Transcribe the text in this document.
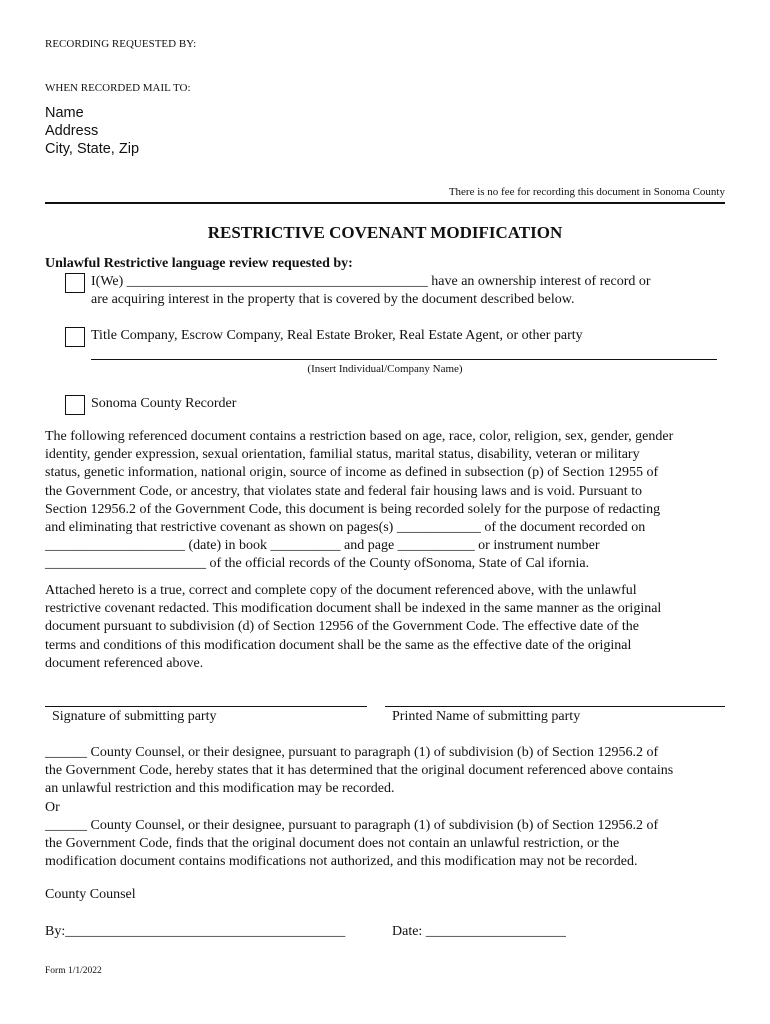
RECORDING REQUESTED BY:
WHEN RECORDED MAIL TO:
Name
Address
City, State, Zip
There is no fee for recording this document in Sonoma County
RESTRICTIVE COVENANT MODIFICATION
Unlawful Restrictive language review requested by:
I(We) ___________________________________________ have an ownership interest of record or
are acquiring interest in the property that is covered by the document described below.
Title Company, Escrow Company, Real Estate Broker, Real Estate Agent, or other party
(Insert Individual/Company Name)
Sonoma County Recorder
The following referenced document contains a restriction based on age, race, color, religion, sex, gender, gender
identity, gender expression, sexual orientation, familial status, marital status, disability, veteran or military
status, genetic information, national origin, source of income as defined in subsection (p) of Section 12955 of
the Government Code, or ancestry, that violates state and federal fair housing laws and is void. Pursuant to
Section 12956.2 of the Government Code, this document is being recorded solely for the purpose of redacting
and eliminating that restrictive covenant as shown on pages(s) ____________ of the document recorded on
____________________ (date) in book __________ and page ___________ or instrument number
_______________________ of the official records of the County ofSonoma, State of Cal ifornia.
Attached hereto is a true, correct and complete copy of the document referenced above, with the unlawful
restrictive covenant redacted. This modification document shall be indexed in the same manner as the original
document pursuant to subdivision (d) of Section 12956 of the Government Code. The effective date of the
terms and conditions of this modification document shall be the same as the effective date of the original
document referenced above.
Signature of submitting party	Printed Name of submitting party
______ County Counsel, or their designee, pursuant to paragraph (1) of subdivision (b) of Section 12956.2 of
the Government Code, hereby states that it has determined that the original document referenced above contains
an unlawful restriction and this modification may be recorded.
Or
______ County Counsel, or their designee, pursuant to paragraph (1) of subdivision (b) of Section 12956.2 of
the Government Code, finds that the original document does not contain an unlawful restriction, or the
modification document contains modifications not authorized, and this modification may not be recorded.
County Counsel
By:________________________________________	Date: ____________________
Form 1/1/2022
